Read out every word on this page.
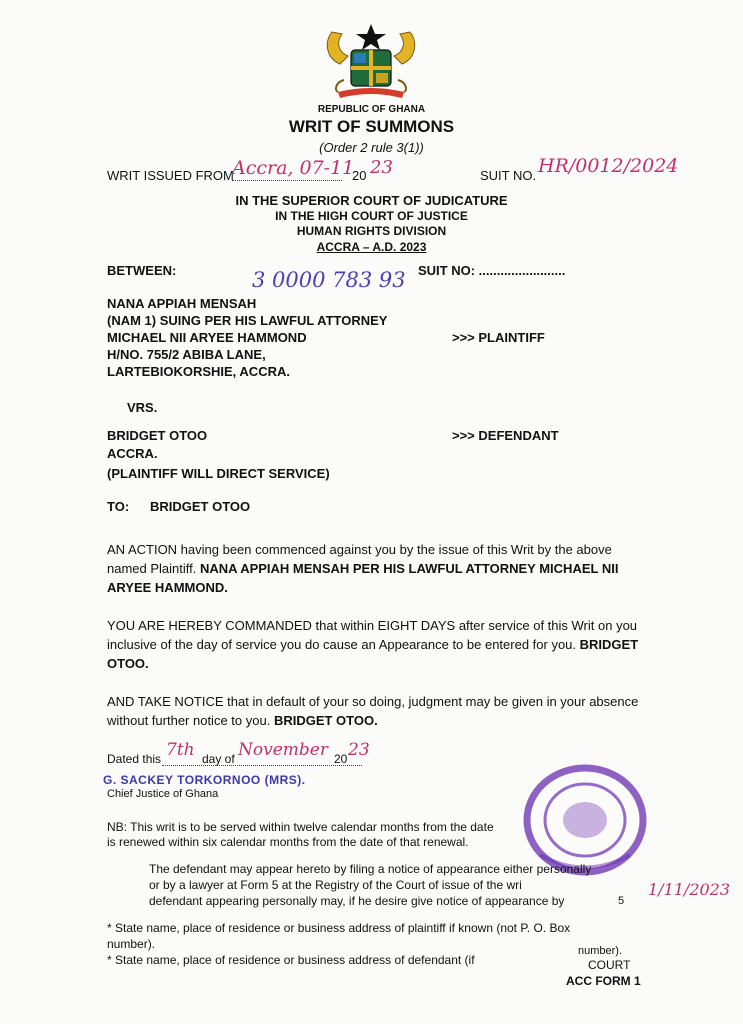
REPUBLIC OF GHANA
WRIT OF SUMMONS
(Order 2 rule 3(1))
WRIT ISSUED FROM
Accra, 07-11
20 23	SUIT NO. HR/0012/2024
IN THE SUPERIOR COURT OF JUDICATURE
IN THE HIGH COURT OF JUSTICE
HUMAN RIGHTS DIVISION
ACCRA – A.D. 2023
BETWEEN:	3 0000 783 93 SUIT NO: ........................
NANA APPIAH MENSAH
(NAM 1) SUING PER HIS LAWFUL ATTORNEY
MICHAEL NII ARYEE HAMMOND
H/NO. 755/2 ABIBA LANE,
LARTEBIOKORSHIE, ACCRA.
>>> PLAINTIFF
VRS.
BRIDGET OTOO
ACCRA.
>>> DEFENDANT
(PLAINTIFF WILL DIRECT SERVICE)
TO: BRIDGET OTOO
AN ACTION having been commenced against you by the issue of this Writ by the above named Plaintiff. NANA APPIAH MENSAH PER HIS LAWFUL ATTORNEY MICHAEL NII ARYEE HAMMOND.
YOU ARE HEREBY COMMANDED that within EIGHT DAYS after service of this Writ on you inclusive of the day of service you do cause an Appearance to be entered for you. BRIDGET OTOO.
AND TAKE NOTICE that in default of your so doing, judgment may be given in your absence without further notice to you. BRIDGET OTOO.
Dated this 7th day of November 20 23
G. SACKEY TORKORNOO (MRS).
Chief Justice of Ghana
NB: This writ is to be served within twelve calendar months from the date
is renewed within six calendar months from the date of that renewal.
The defendant may appear hereto by filing a notice of appearance either personally
or by a lawyer at Form 5 at the Registry of the Court of issue of the wri
defendant appearing personally may, if he desire give notice of appearance by	5
1/11/2023
* State name, place of residence or business address of plaintiff if known (not P. O. Box
number).
* State name, place of residence or business address of defendant (if
number).
COURT
ACC FORM 1
